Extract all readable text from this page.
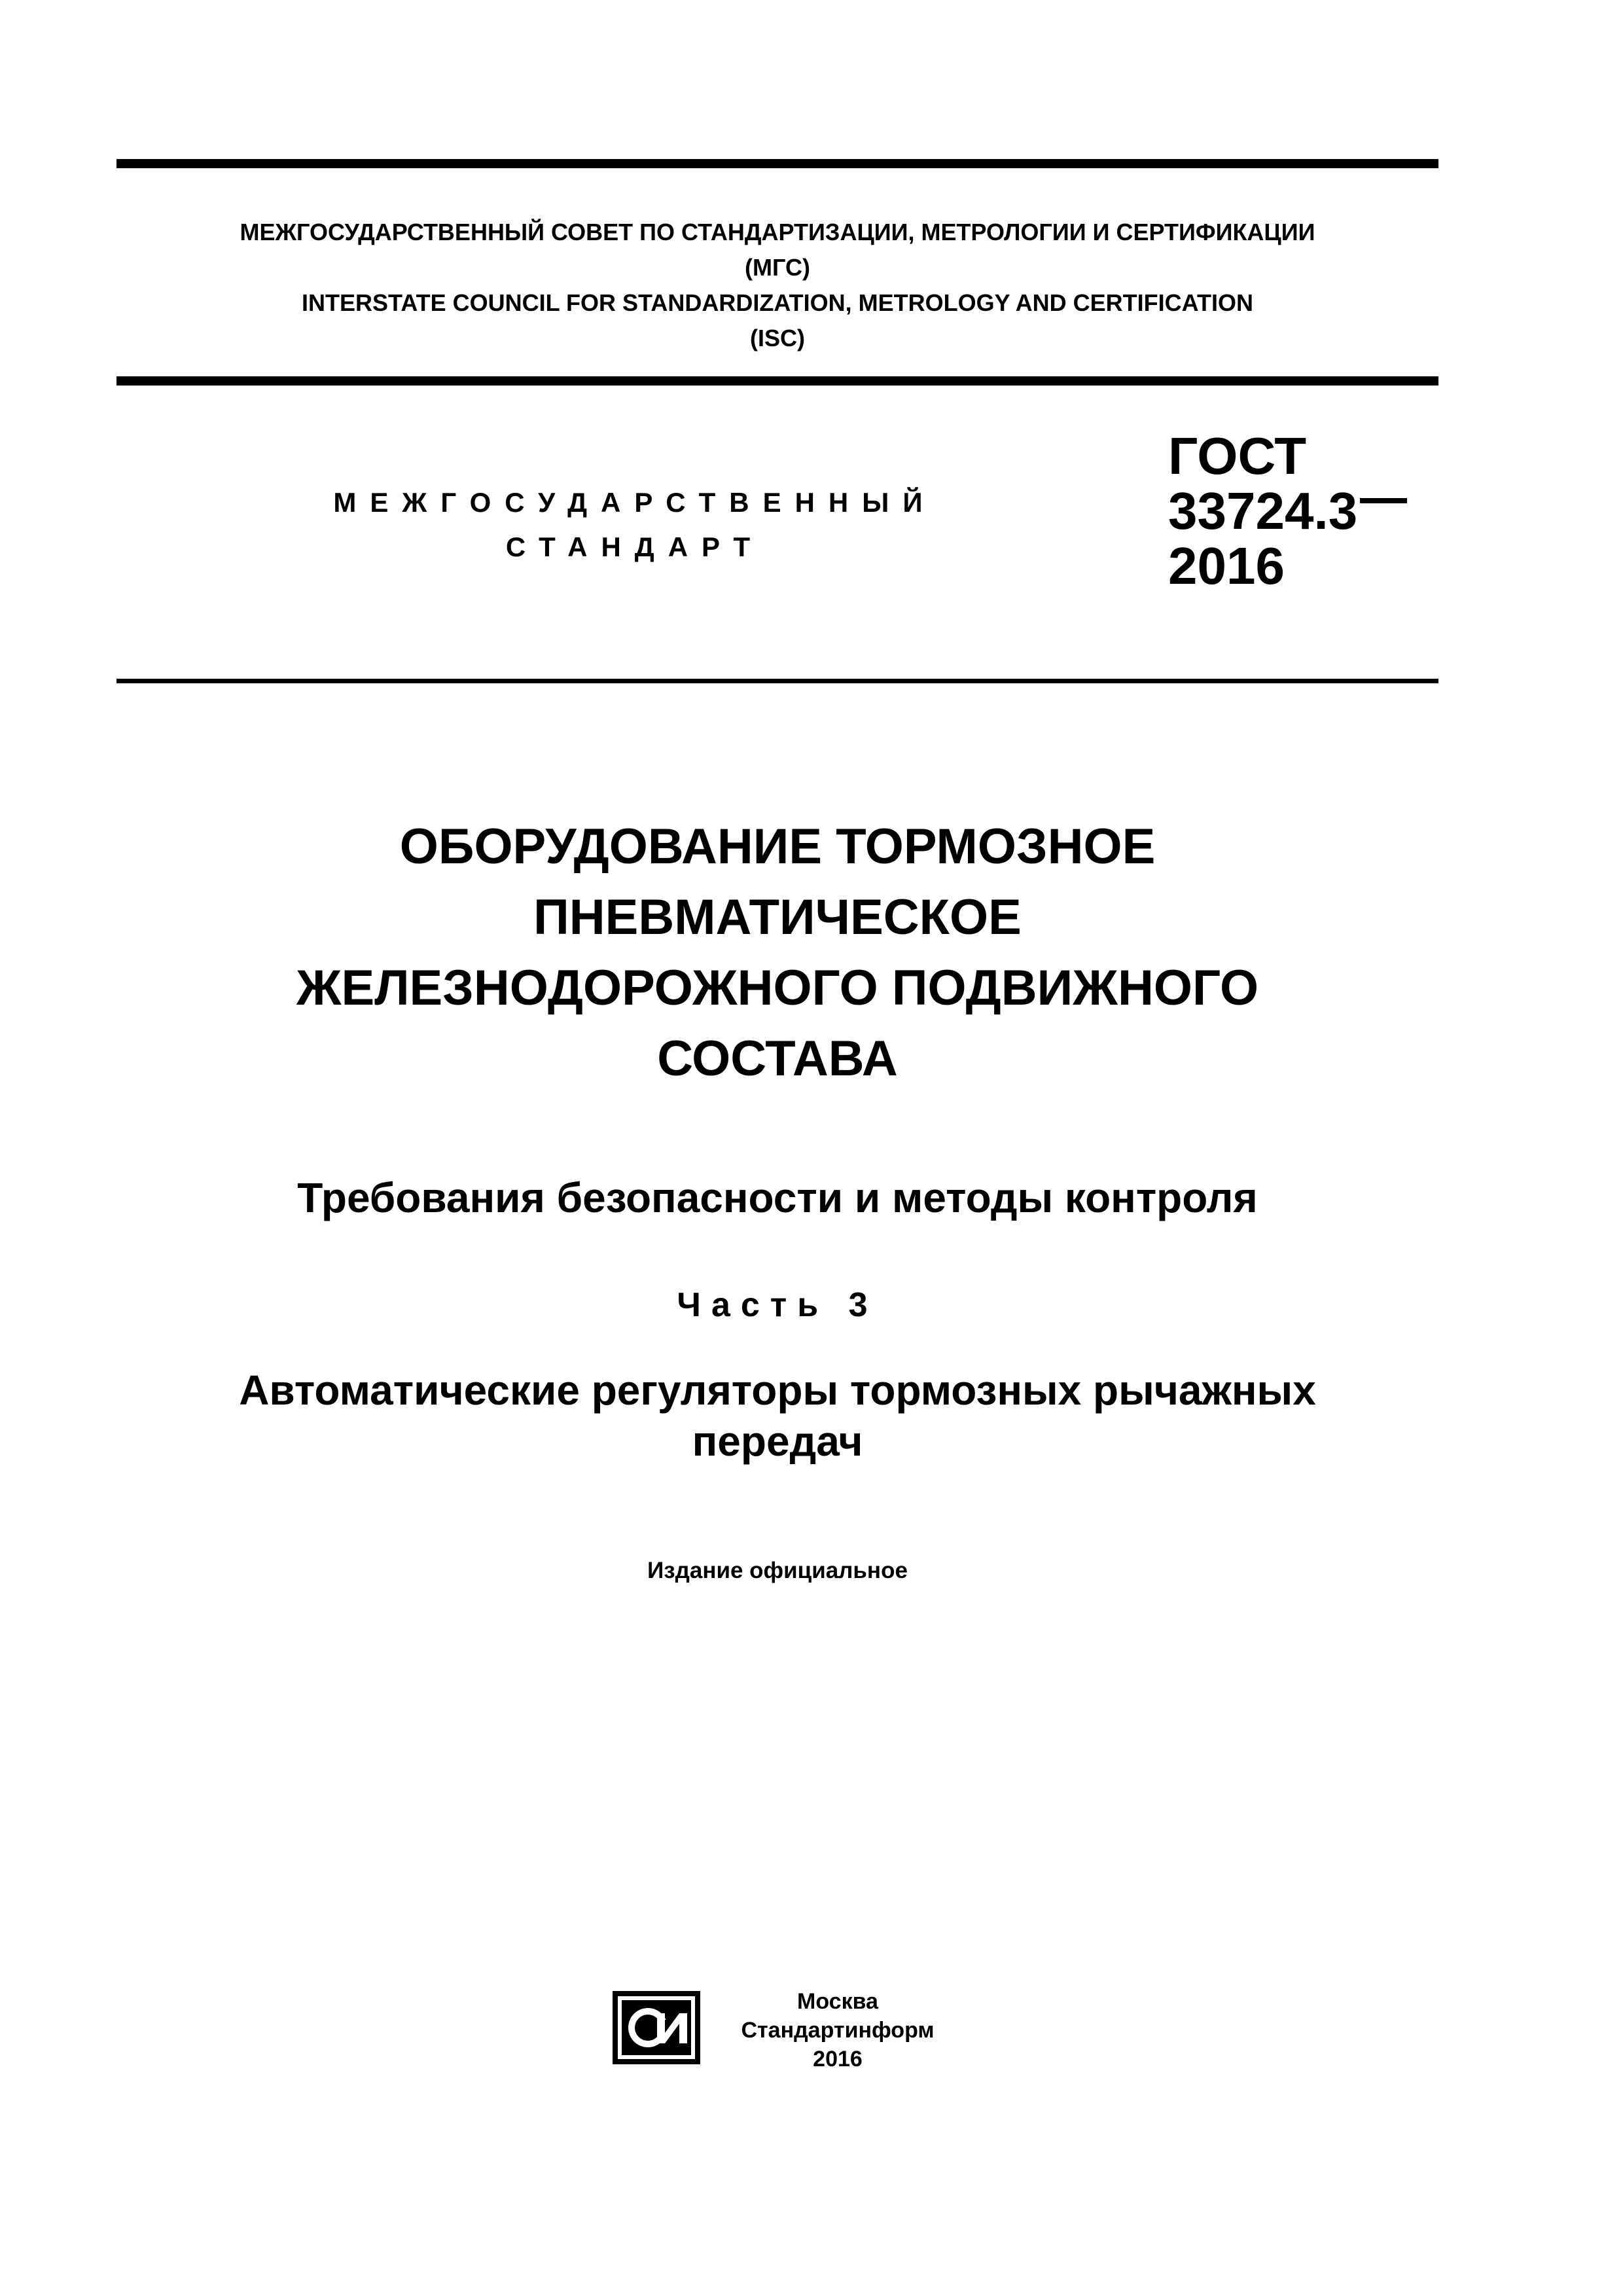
МЕЖГОСУДАРСТВЕННЫЙ СОВЕТ ПО СТАНДАРТИЗАЦИИ, МЕТРОЛОГИИ И СЕРТИФИКАЦИИ
(МГС)
INTERSTATE COUNCIL FOR STANDARDIZATION, METROLOGY AND CERTIFICATION
(ISC)
МЕЖГОСУДАРСТВЕННЫЙ
СТАНДАРТ
ГОСТ
33724.3
2016
ОБОРУДОВАНИЕ ТОРМОЗНОЕ
ПНЕВМАТИЧЕСКОЕ
ЖЕЛЕЗНОДОРОЖНОГО ПОДВИЖНОГО
СОСТАВА
Требования безопасности и методы контроля
Часть 3
Автоматические регуляторы тормозных рычажных
передач
Издание официальное
Москва
Стандартинформ
2016
